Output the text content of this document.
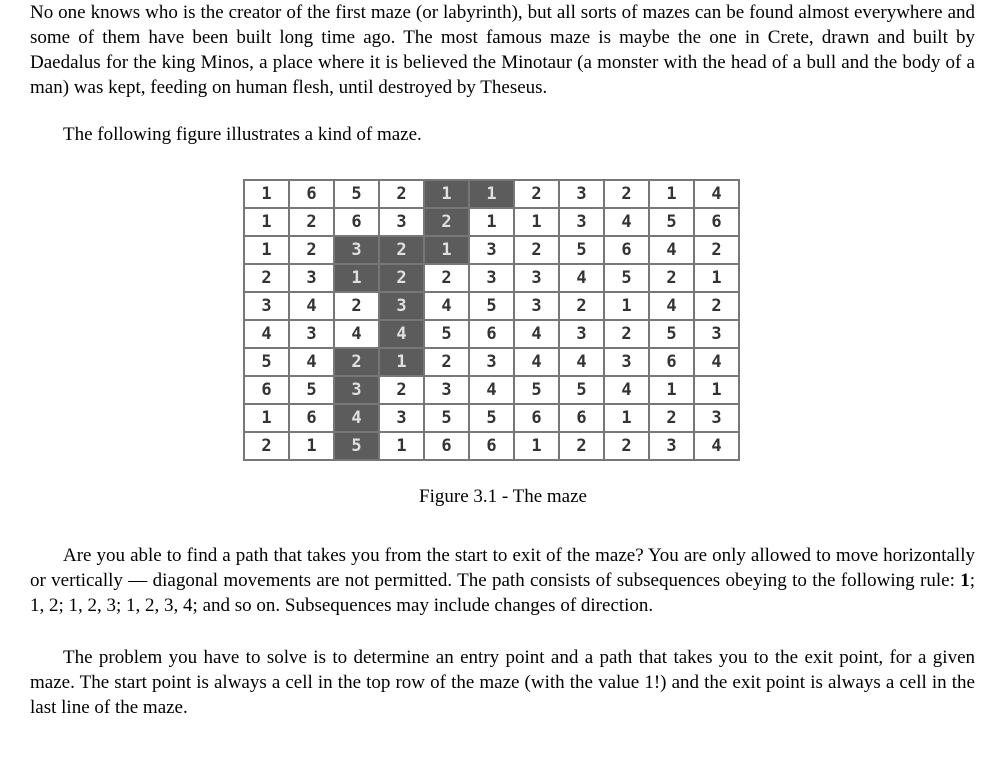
No one knows who is the creator of the first maze (or labyrinth), but all sorts of mazes can be found almost everywhere and some of them have been built long time ago. The most famous maze is maybe the one in Crete, drawn and built by Daedalus for the king Minos, a place where it is believed the Minotaur (a monster with the head of a bull and the body of a man) was kept, feeding on human flesh, until destroyed by Theseus.

The following figure illustrates a kind of maze.

1	6	5	2	1	1	2	3	2	1	4
1	2	6	3	2	1	1	3	4	5	6
1	2	3	2	1	3	2	5	6	4	2
2	3	1	2	2	3	3	4	5	2	1
3	4	2	3	4	5	3	2	1	4	2
4	3	4	4	5	6	4	3	2	5	3
5	4	2	1	2	3	4	4	3	6	4
6	5	3	2	3	4	5	5	4	1	1
1	6	4	3	5	5	6	6	1	2	3
2	1	5	1	6	6	1	2	2	3	4

Figure 3.1 - The maze

Are you able to find a path that takes you from the start to exit of the maze? You are only allowed to move horizontally or vertically — diagonal movements are not permitted. The path consists of subsequences obeying to the following rule: 1; 1, 2; 1, 2, 3; 1, 2, 3, 4; and so on. Subsequences may include changes of direction.

The problem you have to solve is to determine an entry point and a path that takes you to the exit point, for a given maze. The start point is always a cell in the top row of the maze (with the value 1!) and the exit point is always a cell in the last line of the maze.
